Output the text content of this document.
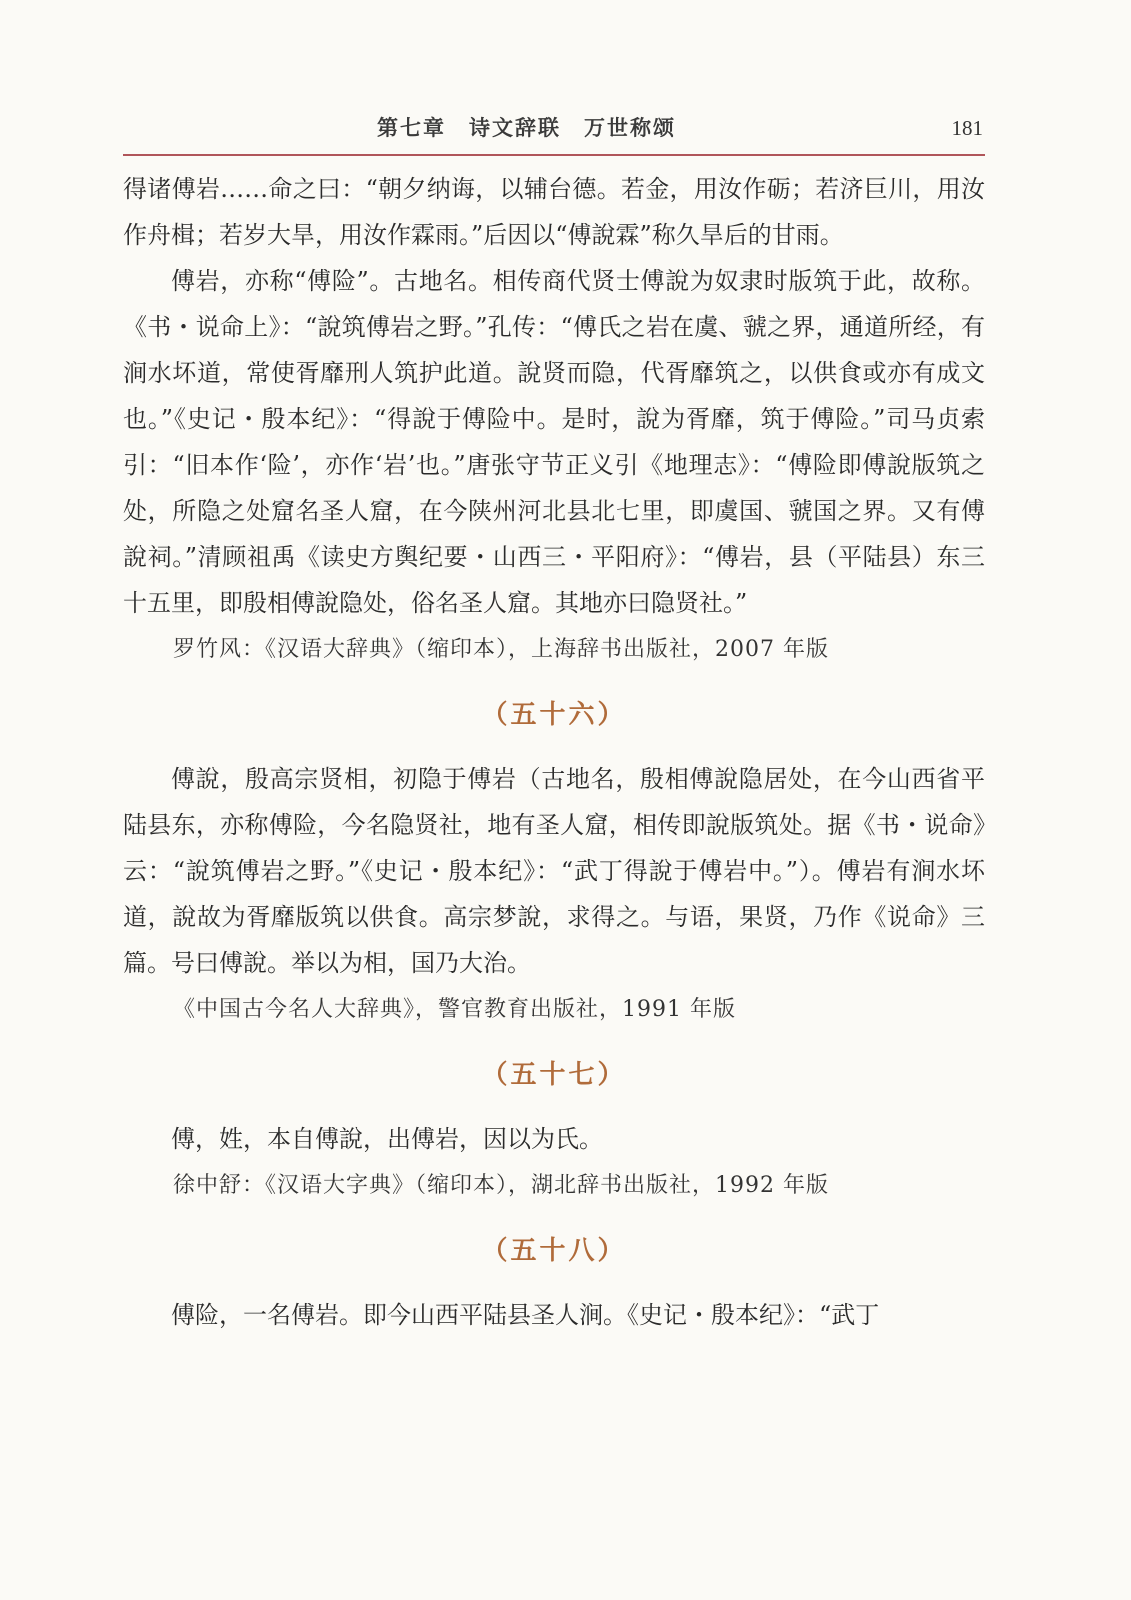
第七章　诗文辞联　万世称颂	181

得诸傅岩……命之曰：“朝夕纳诲，以辅台德。若金，用汝作砺；若济巨川，用汝作舟楫；若岁大旱，用汝作霖雨。”后因以“傅說霖”称久旱后的甘雨。

傅岩，亦称“傅险”。古地名。相传商代贤士傅說为奴隶时版筑于此，故称。《书・说命上》：“說筑傅岩之野。”孔传：“傅氏之岩在虞、虢之界，通道所经，有涧水坏道，常使胥靡刑人筑护此道。說贤而隐，代胥靡筑之，以供食或亦有成文也。”《史记・殷本纪》：“得說于傅险中。是时，說为胥靡，筑于傅险。”司马贞索引：“旧本作‘险’，亦作‘岩’也。”唐张守节正义引《地理志》：“傅险即傅說版筑之处，所隐之处窟名圣人窟，在今陕州河北县北七里，即虞国、虢国之界。又有傅說祠。”清顾祖禹《读史方舆纪要・山西三・平阳府》：“傅岩，县（平陆县）东三十五里，即殷相傅說隐处，俗名圣人窟。其地亦曰隐贤社。”

罗竹风：《汉语大辞典》（缩印本），上海辞书出版社，2007 年版

（五十六）

傅說，殷高宗贤相，初隐于傅岩（古地名，殷相傅說隐居处，在今山西省平陆县东，亦称傅险，今名隐贤社，地有圣人窟，相传即說版筑处。据《书・说命》云：“說筑傅岩之野。”《史记・殷本纪》：“武丁得說于傅岩中。”）。傅岩有涧水坏道，說故为胥靡版筑以供食。高宗梦說，求得之。与语，果贤，乃作《说命》三篇。号曰傅說。举以为相，国乃大治。

《中国古今名人大辞典》，警官教育出版社，1991 年版

（五十七）

傅，姓，本自傅說，出傅岩，因以为氏。

徐中舒：《汉语大字典》（缩印本），湖北辞书出版社，1992 年版

（五十八）

傅险，一名傅岩。即今山西平陆县圣人涧。《史记・殷本纪》：“武丁
